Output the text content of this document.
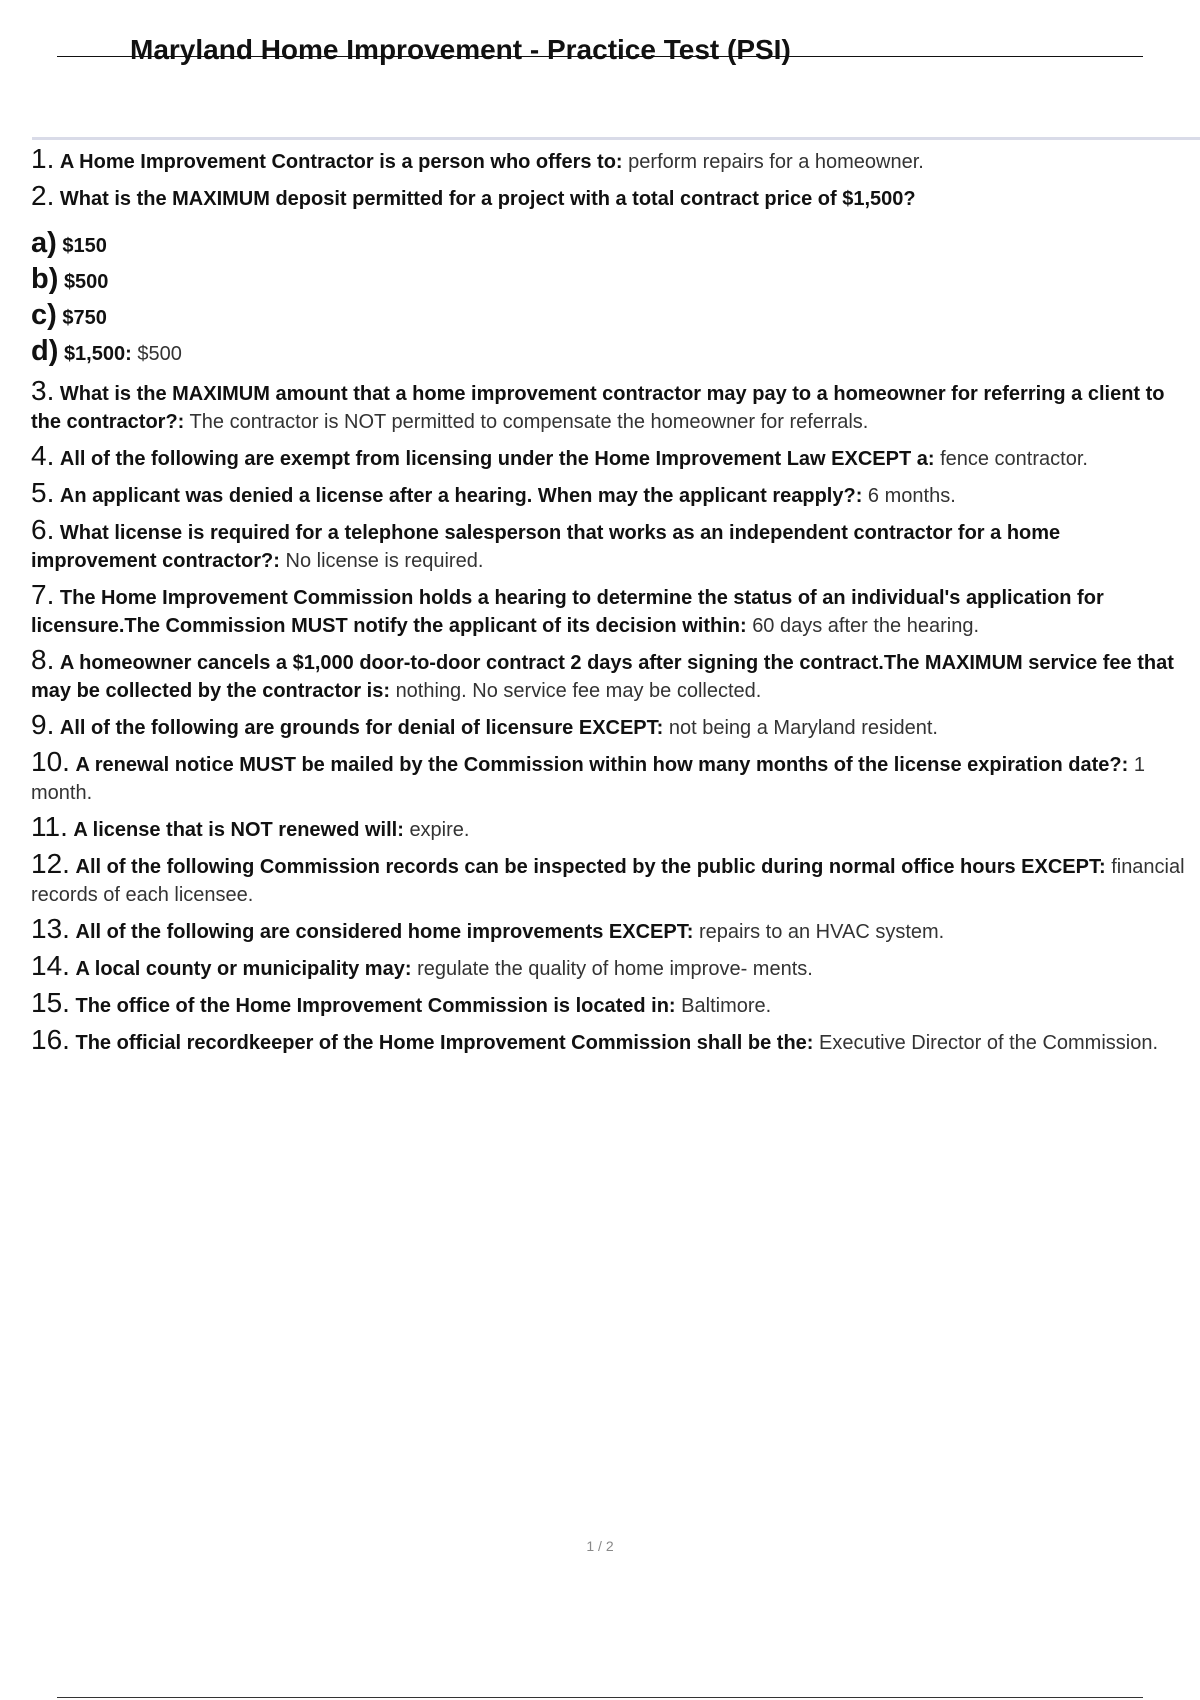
Maryland Home Improvement - Practice Test (PSI)
1. A Home Improvement Contractor is a person who offers to: perform repairs for a homeowner.
2. What is the MAXIMUM deposit permitted for a project with a total contract price of $1,500?
a) $150
b) $500
c) $750
d) $1,500: $500
3. What is the MAXIMUM amount that a home improvement contractor may pay to a homeowner for referring a client to the contractor?: The contractor is NOT permitted to compensate the homeowner for referrals.
4. All of the following are exempt from licensing under the Home Improvement Law EXCEPT a: fence contractor.
5. An applicant was denied a license after a hearing. When may the applicant reapply?: 6 months.
6. What license is required for a telephone salesperson that works as an independent contractor for a home improvement contractor?: No license is required.
7. The Home Improvement Commission holds a hearing to determine the status of an individual's application for licensure.The Commission MUST notify the applicant of its decision within: 60 days after the hearing.
8. A homeowner cancels a $1,000 door-to-door contract 2 days after signing the contract.The MAXIMUM service fee that may be collected by the contractor is: nothing. No service fee may be collected.
9. All of the following are grounds for denial of licensure EXCEPT: not being a Maryland resident.
10. A renewal notice MUST be mailed by the Commission within how many months of the license expiration date?: 1 month.
11. A license that is NOT renewed will: expire.
12. All of the following Commission records can be inspected by the public during normal office hours EXCEPT: financial records of each licensee.
13. All of the following are considered home improvements EXCEPT: repairs to an HVAC system.
14. A local county or municipality may: regulate the quality of home improve- ments.
15. The office of the Home Improvement Commission is located in: Baltimore.
16. The official recordkeeper of the Home Improvement Commission shall be the: Executive Director of the Commission.
1 / 2
